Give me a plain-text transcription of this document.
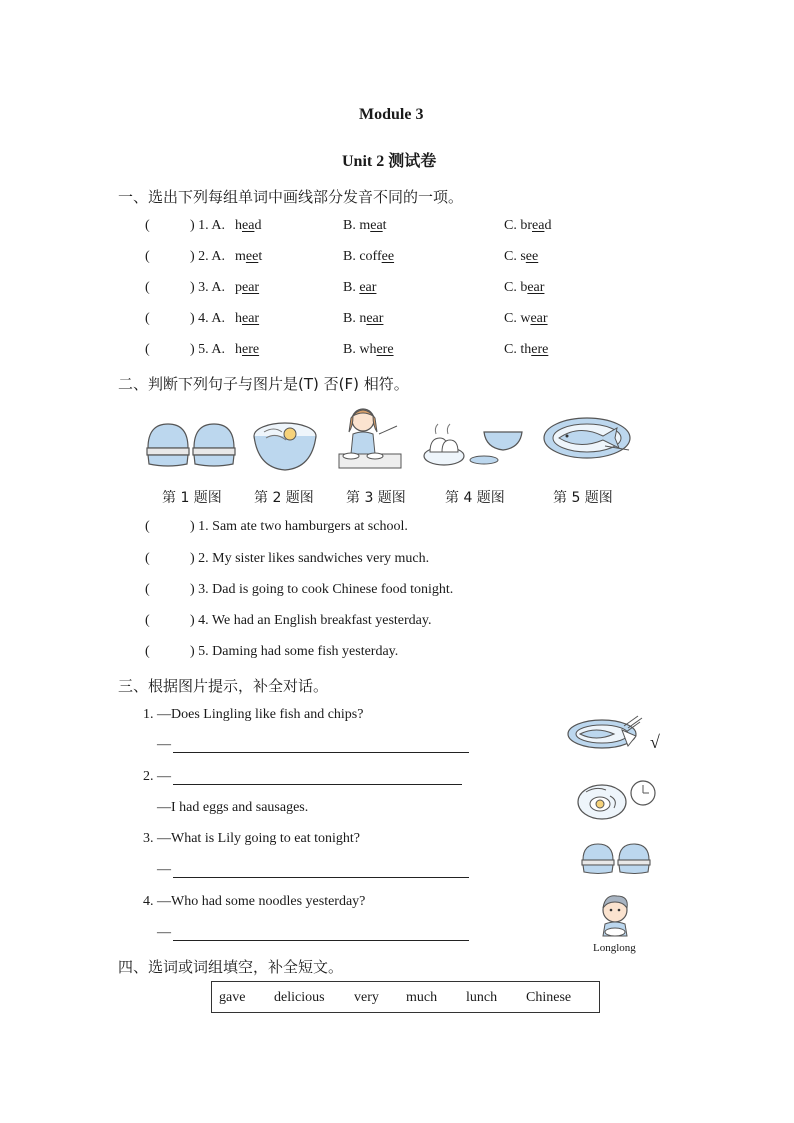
Module 3
Unit 2 测试卷
一、选出下列每组单词中画线部分发音不同的一项。
(	) 1. A. head	B. meat	C. bread
(	) 2. A. meet	B. coffee	C. see
(	) 3. A. pear	B. ear	C. bear
(	) 4. A. hear	B. near	C. wear
(	) 5. A. here	B. where	C. there
二、判断下列句子与图片是(T) 否(F) 相符。
第 1 题图 第 2 题图 第 3 题图	第 4 题图	第 5 题图
(	) 1. Sam ate two hamburgers at school.
(	) 2. My sister likes sandwiches very much.
(	) 3. Dad is going to cook Chinese food tonight.
(	) 4. We had an English breakfast yesterday.
(	) 5. Daming had some fish yesterday.
三、根据图片提示，补全对话。
1. —Does Lingling like fish and chips?
—
2. —
—I had eggs and sausages.
3. —What is Lily going to eat tonight?
—
4. —Who had some noodles yesterday?
—
√
Longlong
四、选词或词组填空，补全短文。
gave delicious very much lunch Chinese
